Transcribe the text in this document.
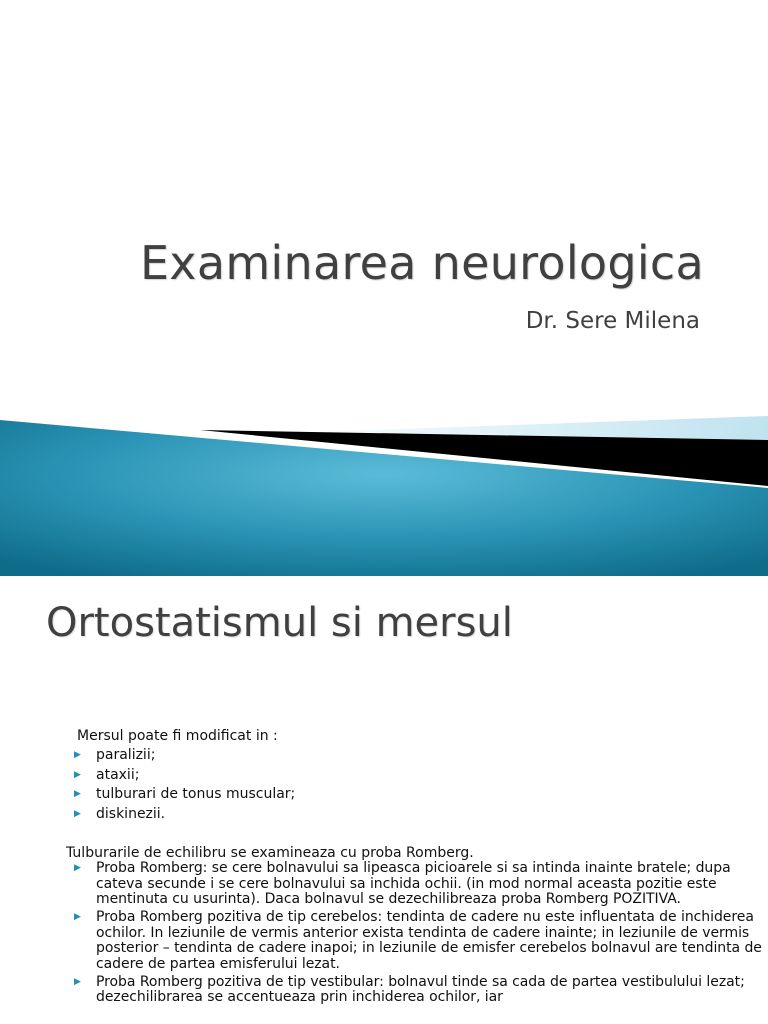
Examinarea neurologica
Dr. Sere Milena
Ortostatismul si mersul
Mersul poate fi modificat in :
▶ paralizii;
▶ ataxii;
▶ tulburari de tonus muscular;
▶ diskinezii.
Tulburarile de echilibru se examineaza cu proba Romberg.
▶ Proba Romberg: se cere bolnavului sa lipeasca picioarele si sa intinda inainte bratele; dupa cateva secunde i se cere bolnavului sa inchida ochii. (in mod normal aceasta pozitie este mentinuta cu usurinta). Daca bolnavul se dezechilibreaza proba Romberg POZITIVA.
▶ Proba Romberg pozitiva de tip cerebelos: tendinta de cadere nu este influentata de inchiderea ochilor. In leziunile de vermis anterior exista tendinta de cadere inainte; in leziunile de vermis posterior – tendinta de cadere inapoi; in leziunile de emisfer cerebelos bolnavul are tendinta de cadere de partea emisferului lezat.
▶ Proba Romberg pozitiva de tip vestibular: bolnavul tinde sa cada de partea vestibulului lezat; dezechilibrarea se accentueaza prin inchiderea ochilor, iar
